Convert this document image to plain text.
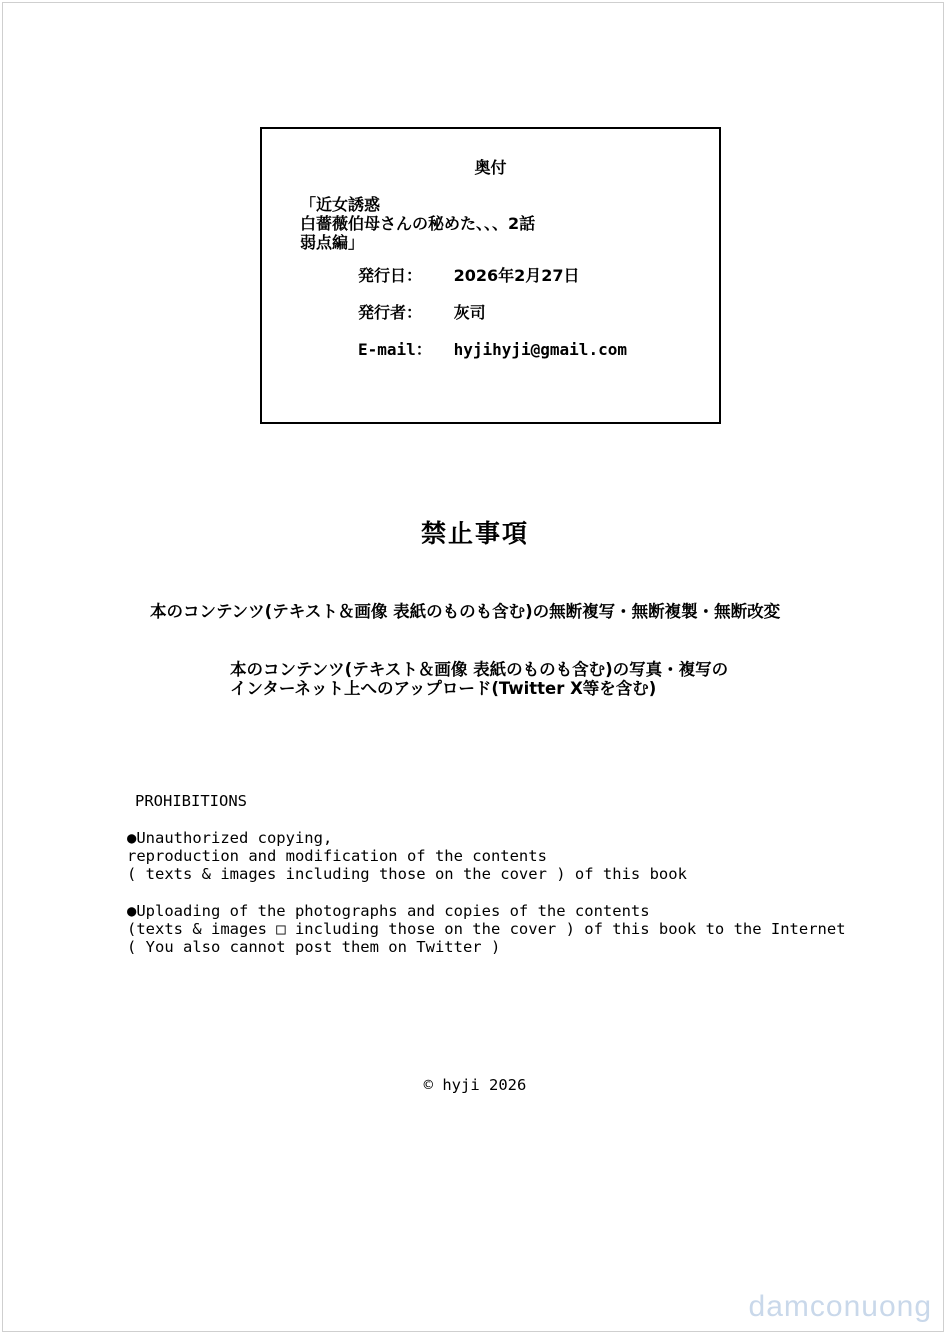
奥付
「近女誘惑
白薔薇伯母さんの秘めた、、、2話
弱点編」
発行日： 2026年2月27日
発行者： 灰司
E-mail： hyjihyji@gmail.com
禁止事項
本のコンテンツ(テキスト＆画像 表紙のものも含む)の無断複写・無断複製・無断改変
本のコンテンツ(テキスト＆画像 表紙のものも含む)の写真・複写の
インターネット上へのアップロード(Twitter X等を含む)
PROHIBITIONS
●Unauthorized copying,
reproduction and modification of the contents
( texts & images including those on the cover ) of this book
●Uploading of the photographs and copies of the contents
(texts & images □ including those on the cover ) of this book to the Internet
( You also cannot post them on Twitter )
© hyji 2026
damconuong
